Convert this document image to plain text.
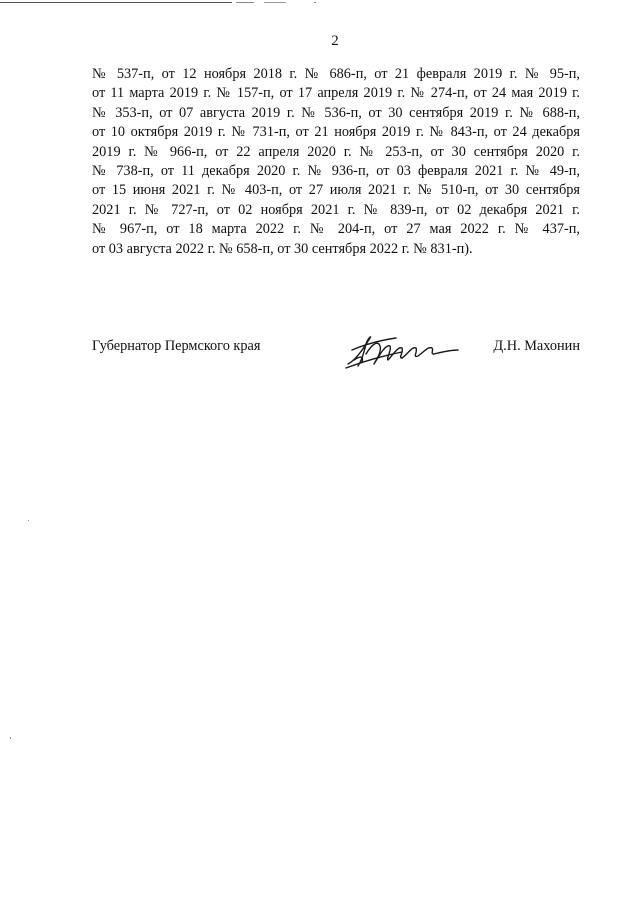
2

№ 537-п, от 12 ноября 2018 г. № 686-п, от 21 февраля 2019 г. № 95-п,
от 11 марта 2019 г. № 157-п, от 17 апреля 2019 г. № 274-п, от 24 мая 2019 г.
№ 353-п, от 07 августа 2019 г. № 536-п, от 30 сентября 2019 г. № 688-п,
от 10 октября 2019 г. № 731-п, от 21 ноября 2019 г. № 843-п, от 24 декабря
2019 г. № 966-п, от 22 апреля 2020 г. № 253-п, от 30 сентября 2020 г.
№ 738-п, от 11 декабря 2020 г. № 936-п, от 03 февраля 2021 г. № 49-п,
от 15 июня 2021 г. № 403-п, от 27 июля 2021 г. № 510-п, от 30 сентября
2021 г. № 727-п, от 02 ноября 2021 г. № 839-п, от 02 декабря 2021 г.
№ 967-п, от 18 марта 2022 г. № 204-п, от 27 мая 2022 г. № 437-п,
от 03 августа 2022 г. № 658-п, от 30 сентября 2022 г. № 831-п).

Губернатор Пермского края	Д.Н. Махонин
